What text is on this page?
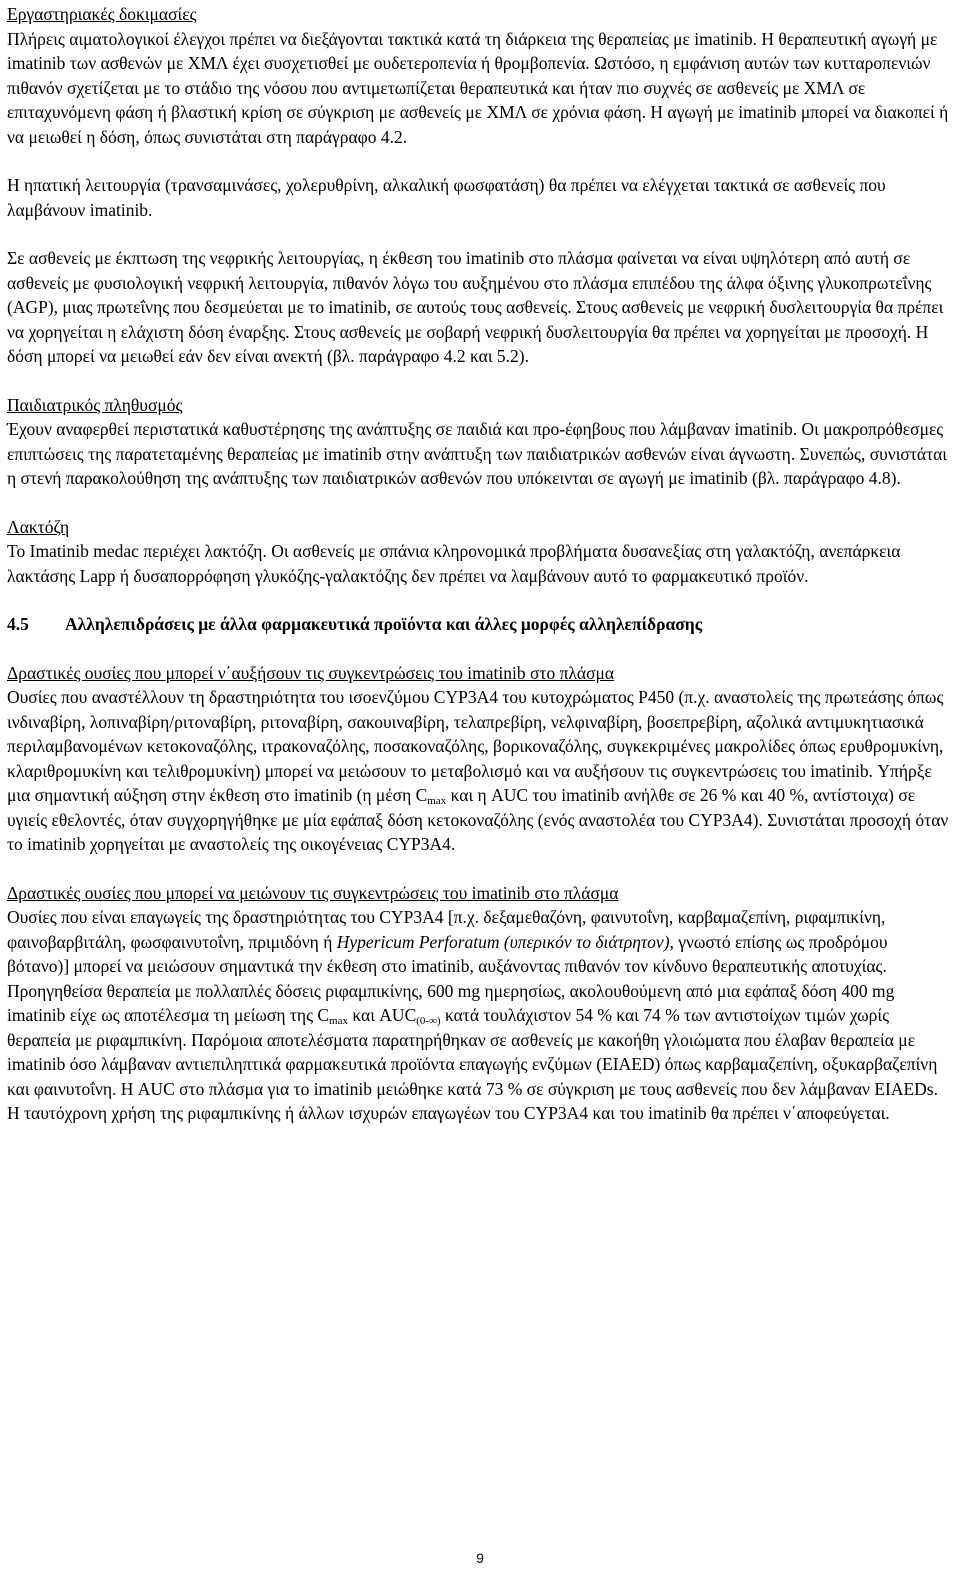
Εργαστηριακές δοκιμασίες

Πλήρεις αιματολογικοί έλεγχοι πρέπει να διεξάγονται τακτικά κατά τη διάρκεια της θεραπείας με imatinib. Η θεραπευτική αγωγή με imatinib των ασθενών με ΧΜΛ έχει συσχετισθεί με ουδετεροπενία ή θρομβοπενία. Ωστόσο, η εμφάνιση αυτών των κυτταροπενιών πιθανόν σχετίζεται με το στάδιο της νόσου που αντιμετωπίζεται θεραπευτικά και ήταν πιο συχνές σε ασθενείς με ΧΜΛ σε επιταχυνόμενη φάση ή βλαστική κρίση σε σύγκριση με ασθενείς με ΧΜΛ σε χρόνια φάση. Η αγωγή με imatinib μπορεί να διακοπεί ή να μειωθεί η δόση, όπως συνιστάται στη παράγραφο 4.2.

Η ηπατική λειτουργία (τρανσαμινάσες, χολερυθρίνη, αλκαλική φωσφατάση) θα πρέπει να ελέγχεται τακτικά σε ασθενείς που λαμβάνουν imatinib.

Σε ασθενείς με έκπτωση της νεφρικής λειτουργίας, η έκθεση του imatinib στο πλάσμα φαίνεται να είναι υψηλότερη από αυτή σε ασθενείς με φυσιολογική νεφρική λειτουργία, πιθανόν λόγω του αυξημένου στο πλάσμα επιπέδου της άλφα όξινης γλυκοπρωτεΐνης (AGP), μιας πρωτεΐνης που δεσμεύεται με το imatinib, σε αυτούς τους ασθενείς. Στους ασθενείς με νεφρική δυσλειτουργία θα πρέπει να χορηγείται η ελάχιστη δόση έναρξης. Στους ασθενείς με σοβαρή νεφρική δυσλειτουργία θα πρέπει να χορηγείται με προσοχή. Η δόση μπορεί να μειωθεί εάν δεν είναι ανεκτή (βλ. παράγραφο 4.2 και 5.2).

Παιδιατρικός πληθυσμός

Έχουν αναφερθεί περιστατικά καθυστέρησης της ανάπτυξης σε παιδιά και προ-έφηβους που λάμβαναν imatinib. Οι μακροπρόθεσμες επιπτώσεις της παρατεταμένης θεραπείας με imatinib στην ανάπτυξη των παιδιατρικών ασθενών είναι άγνωστη. Συνεπώς, συνιστάται η στενή παρακολούθηση της ανάπτυξης των παιδιατρικών ασθενών που υπόκεινται σε αγωγή με imatinib (βλ. παράγραφο 4.8).

Λακτόζη

Το Imatinib medac περιέχει λακτόζη. Οι ασθενείς με σπάνια κληρονομικά προβλήματα δυσανεξίας στη γαλακτόζη, ανεπάρκεια λακτάσης Lapp ή δυσαπορρόφηση γλυκόζης-γαλακτόζης δεν πρέπει να λαμβάνουν αυτό το φαρμακευτικό προϊόν.

4.5	Αλληλεπιδράσεις με άλλα φαρμακευτικά προϊόντα και άλλες μορφές αλληλεπίδρασης

Δραστικές ουσίες που μπορεί ν΄αυξήσουν τις συγκεντρώσεις του imatinib στο πλάσμα

Ουσίες που αναστέλλουν τη δραστηριότητα του ισοενζύμου CYP3A4 του κυτοχρώματος P450 (π.χ. αναστολείς της πρωτεάσης όπως ινδιναβίρη, λοπιναβίρη/ριτοναβίρη, ριτοναβίρη, σακουιναβίρη, τελαπρεβίρη, νελφιναβίρη, βοσεπρεβίρη, αζολικά αντιμυκητιασικά περιλαμβανομένων κετοκοναζόλης, ιτρακοναζόλης, ποσακοναζόλης, βορικοναζόλης, συγκεκριμένες μακρολίδες όπως ερυθρομυκίνη, κλαριθρομυκίνη και τελιθρομυκίνη) μπορεί να μειώσουν το μεταβολισμό και να αυξήσουν τις συγκεντρώσεις του imatinib. Υπήρξε μια σημαντική αύξηση στην έκθεση στο imatinib (η μέση $C_{max}$ και η AUC του imatinib ανήλθε σε 26 % και 40 %, αντίστοιχα) σε υγιείς εθελοντές, όταν συγχορηγήθηκε με μία εφάπαξ δόση κετοκοναζόλης (ενός αναστολέα του CYP3A4). Συνιστάται προσοχή όταν το imatinib χορηγείται με αναστολείς της οικογένειας CYP3A4.

Δραστικές ουσίες που μπορεί να μειώνουν τις συγκεντρώσεις του imatinib στο πλάσμα

Ουσίες που είναι επαγωγείς της δραστηριότητας του CYP3A4 [π.χ. δεξαμεθαζόνη, φαινυτοΐνη, καρβαμαζεπίνη, ριφαμπικίνη, φαινοβαρβιτάλη, φωσφαινυτοΐνη, πριμιδόνη ή Hypericum Perforatum (υπερικόν το διάτρητον), γνωστό επίσης ως προδρόμου βότανο)] μπορεί να μειώσουν σημαντικά την έκθεση στο imatinib, αυξάνοντας πιθανόν τον κίνδυνο θεραπευτικής αποτυχίας. Προηγηθείσα θεραπεία με πολλαπλές δόσεις ριφαμπικίνης, 600 mg ημερησίως, ακολουθούμενη από μια εφάπαξ δόση 400 mg imatinib είχε ως αποτέλεσμα τη μείωση της $C_{max}$ και $AUC_{(0-\infty)}$ κατά τουλάχιστον 54 % και 74 % των αντιστοίχων τιμών χωρίς θεραπεία με ριφαμπικίνη. Παρόμοια αποτελέσματα παρατηρήθηκαν σε ασθενείς με κακοήθη γλοιώματα που έλαβαν θεραπεία με imatinib όσο λάμβαναν αντιεπιληπτικά φαρμακευτικά προϊόντα επαγωγής ενζύμων (EIAED) όπως καρβαμαζεπίνη, οξυκαρβαζεπίνη και φαινυτοΐνη. Η AUC στο πλάσμα για το imatinib μειώθηκε κατά 73 % σε σύγκριση με τους ασθενείς που δεν λάμβαναν EIAEDs. Η ταυτόχρονη χρήση της ριφαμπικίνης ή άλλων ισχυρών επαγωγέων του CYP3A4 και του imatinib θα πρέπει ν΄αποφεύγεται.

9
